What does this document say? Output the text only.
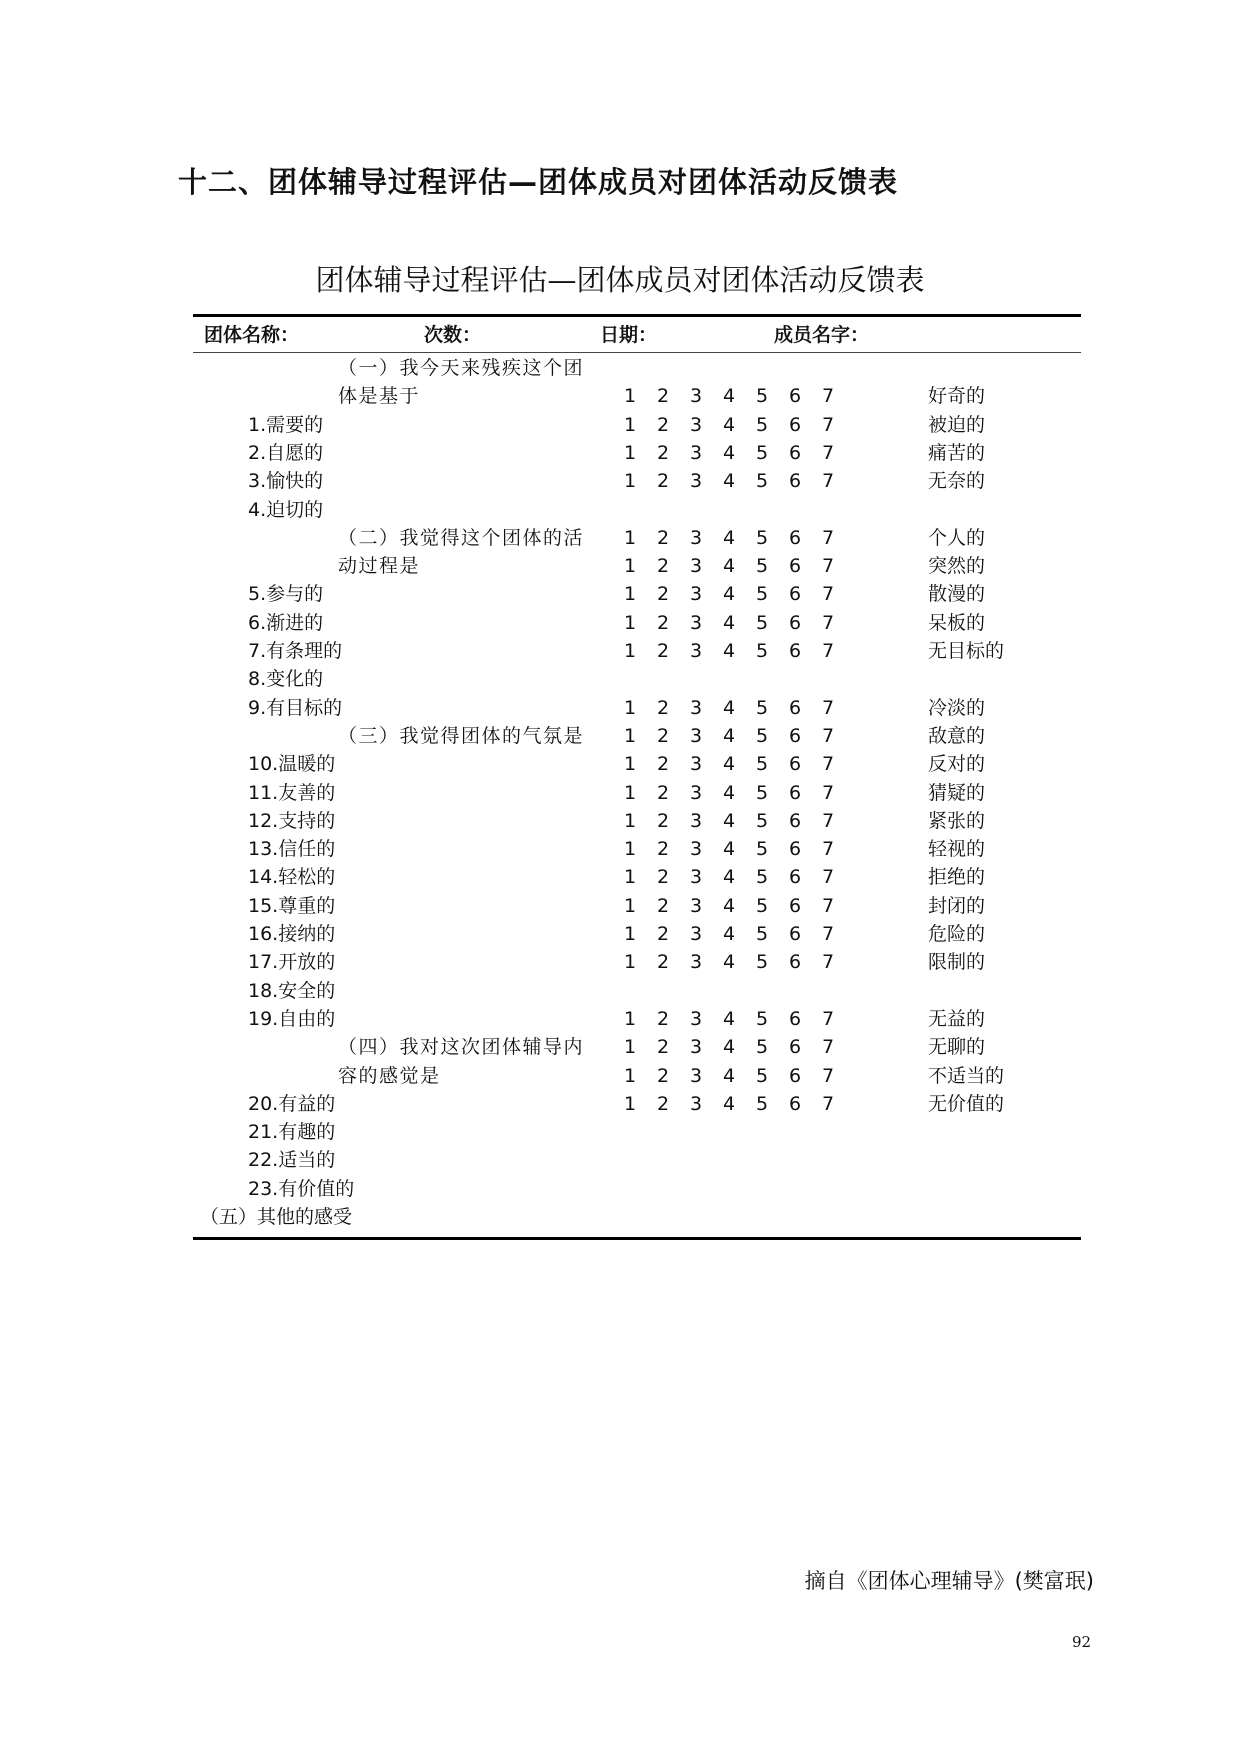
十二、团体辅导过程评估—团体成员对团体活动反馈表
团体辅导过程评估—团体成员对团体活动反馈表
团体名称：	次数：	日期：	成员名字：
（一）我今天来残疾这个团
体是基于	1 2 3 4 5 6 7	好奇的
1.需要的	1 2 3 4 5 6 7	被迫的
2.自愿的	1 2 3 4 5 6 7	痛苦的
3.愉快的	1 2 3 4 5 6 7	无奈的
4.迫切的
（二）我觉得这个团体的活 1 2 3 4 5 6 7	个人的
动过程是	1 2 3 4 5 6 7	突然的
5.参与的	1 2 3 4 5 6 7	散漫的
6.渐进的	1 2 3 4 5 6 7	呆板的
7.有条理的	1 2 3 4 5 6 7	无目标的
8.变化的
9.有目标的	1 2 3 4 5 6 7	冷淡的
（三）我觉得团体的气氛是 1 2 3 4 5 6 7	敌意的
10.温暖的	1 2 3 4 5 6 7	反对的
11.友善的	1 2 3 4 5 6 7	猜疑的
12.支持的	1 2 3 4 5 6 7	紧张的
13.信任的	1 2 3 4 5 6 7	轻视的
14.轻松的	1 2 3 4 5 6 7	拒绝的
15.尊重的	1 2 3 4 5 6 7	封闭的
16.接纳的	1 2 3 4 5 6 7	危险的
17.开放的	1 2 3 4 5 6 7	限制的
18.安全的
19.自由的	1 2 3 4 5 6 7	无益的
（四）我对这次团体辅导内 1 2 3 4 5 6 7	无聊的
容的感觉是	1 2 3 4 5 6 7	不适当的
20.有益的	1 2 3 4 5 6 7	无价值的
21.有趣的
22.适当的
23.有价值的
（五）其他的感受
摘自《团体心理辅导》(樊富珉)
92
